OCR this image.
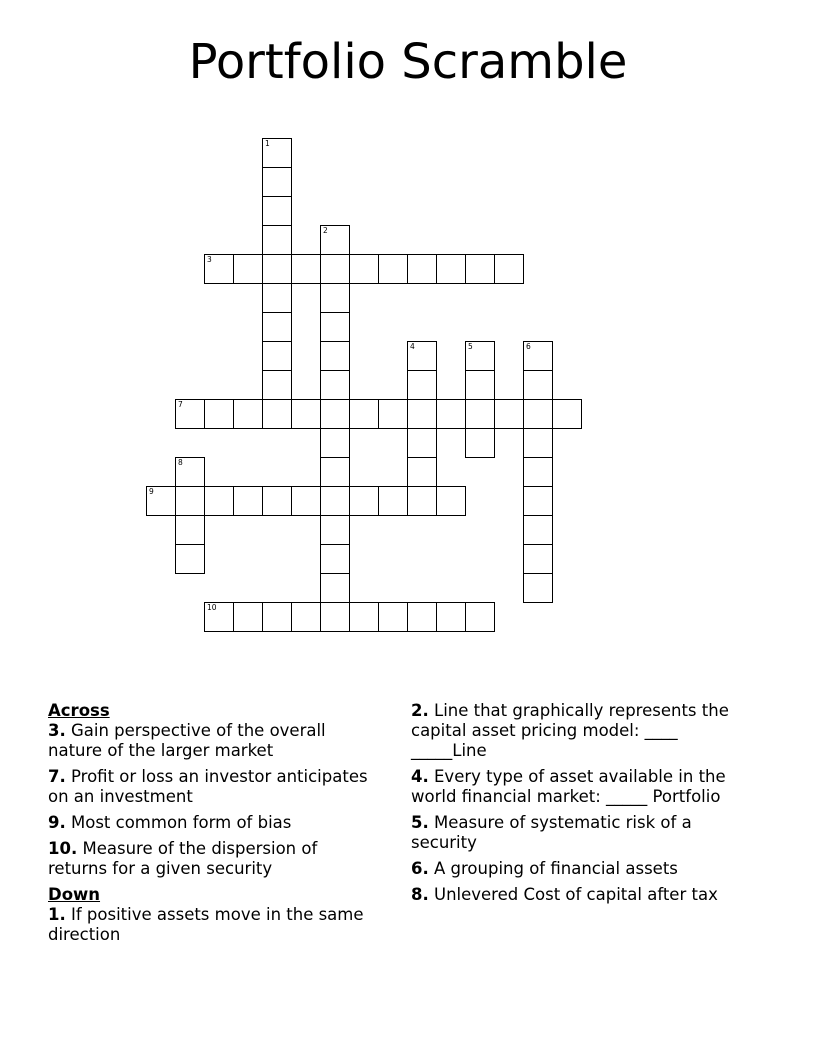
Portfolio Scramble
1
2
3
4	5	6
7
8
9
10
Across
3. Gain perspective of the overall nature of the larger market
7. Profit or loss an investor anticipates on an investment
9. Most common form of bias
10. Measure of the dispersion of returns for a given security
Down
1. If positive assets move in the same direction
2. Line that graphically represents the capital asset pricing model: ____ _____Line
4. Every type of asset available in the world financial market: _____ Portfolio
5. Measure of systematic risk of a security
6. A grouping of financial assets
8. Unlevered Cost of capital after tax
